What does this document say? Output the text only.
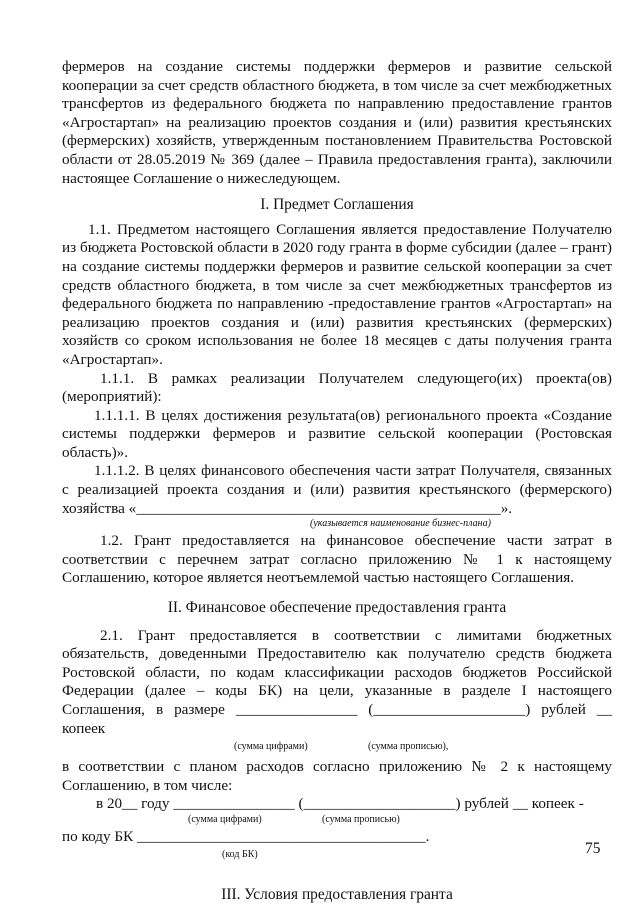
фермеров на создание системы поддержки фермеров и развитие сельской кооперации за счет средств областного бюджета, в том числе за счет межбюджетных трансфертов из федерального бюджета по направлению предоставление грантов «Агростартап» на реализацию проектов создания и (или) развития крестьянских (фермерских) хозяйств, утвержденным постановлением Правительства Ростовской области от 28.05.2019 № 369 (далее – Правила предоставления гранта), заключили настоящее Соглашение о нижеследующем.

I. Предмет Соглашения

1.1. Предметом настоящего Соглашения является предоставление Получателю из бюджета Ростовской области в 2020 году гранта в форме субсидии (далее – грант) на создание системы поддержки фермеров и развитие сельской кооперации за счет средств областного бюджета, в том числе за счет межбюджетных трансфертов из федерального бюджета по направлению -предоставление грантов «Агростартап» на реализацию проектов создания и (или) развития крестьянских (фермерских) хозяйств со сроком использования не более 18 месяцев с даты получения гранта «Агростартап».

1.1.1. В рамках реализации Получателем следующего(их) проекта(ов) (мероприятий):

1.1.1.1. В целях достижения результата(ов) регионального проекта «Создание системы поддержки фермеров и развитие сельской кооперации (Ростовская область)».

1.1.1.2. В целях финансового обеспечения части затрат Получателя, связанных с реализацией проекта создания и (или) развития крестьянского (фермерского) хозяйства «________________________________________________».

(указывается наименование бизнес-плана)

1.2. Грант предоставляется на финансовое обеспечение части затрат в соответствии с перечнем затрат согласно приложению № 1 к настоящему Соглашению, которое является неотъемлемой частью настоящего Соглашения.

II. Финансовое обеспечение предоставления гранта

2.1. Грант предоставляется в соответствии с лимитами бюджетных обязательств, доведенными Предоставителю как получателю средств бюджета Ростовской области, по кодам классификации расходов бюджетов Российской Федерации (далее – коды БК) на цели, указанные в разделе I настоящего Соглашения, в размере ________________ (____________________) рублей __ копеек

(сумма цифрами)	(сумма прописью),

в соответствии с планом расходов согласно приложению № 2 к настоящему Соглашению, в том числе:

в 20__ году ________________ (____________________) рублей __ копеек -

(сумма цифрами)	(сумма прописью)

по коду БК ______________________________________.

(код БК)

III. Условия предоставления гранта

75
